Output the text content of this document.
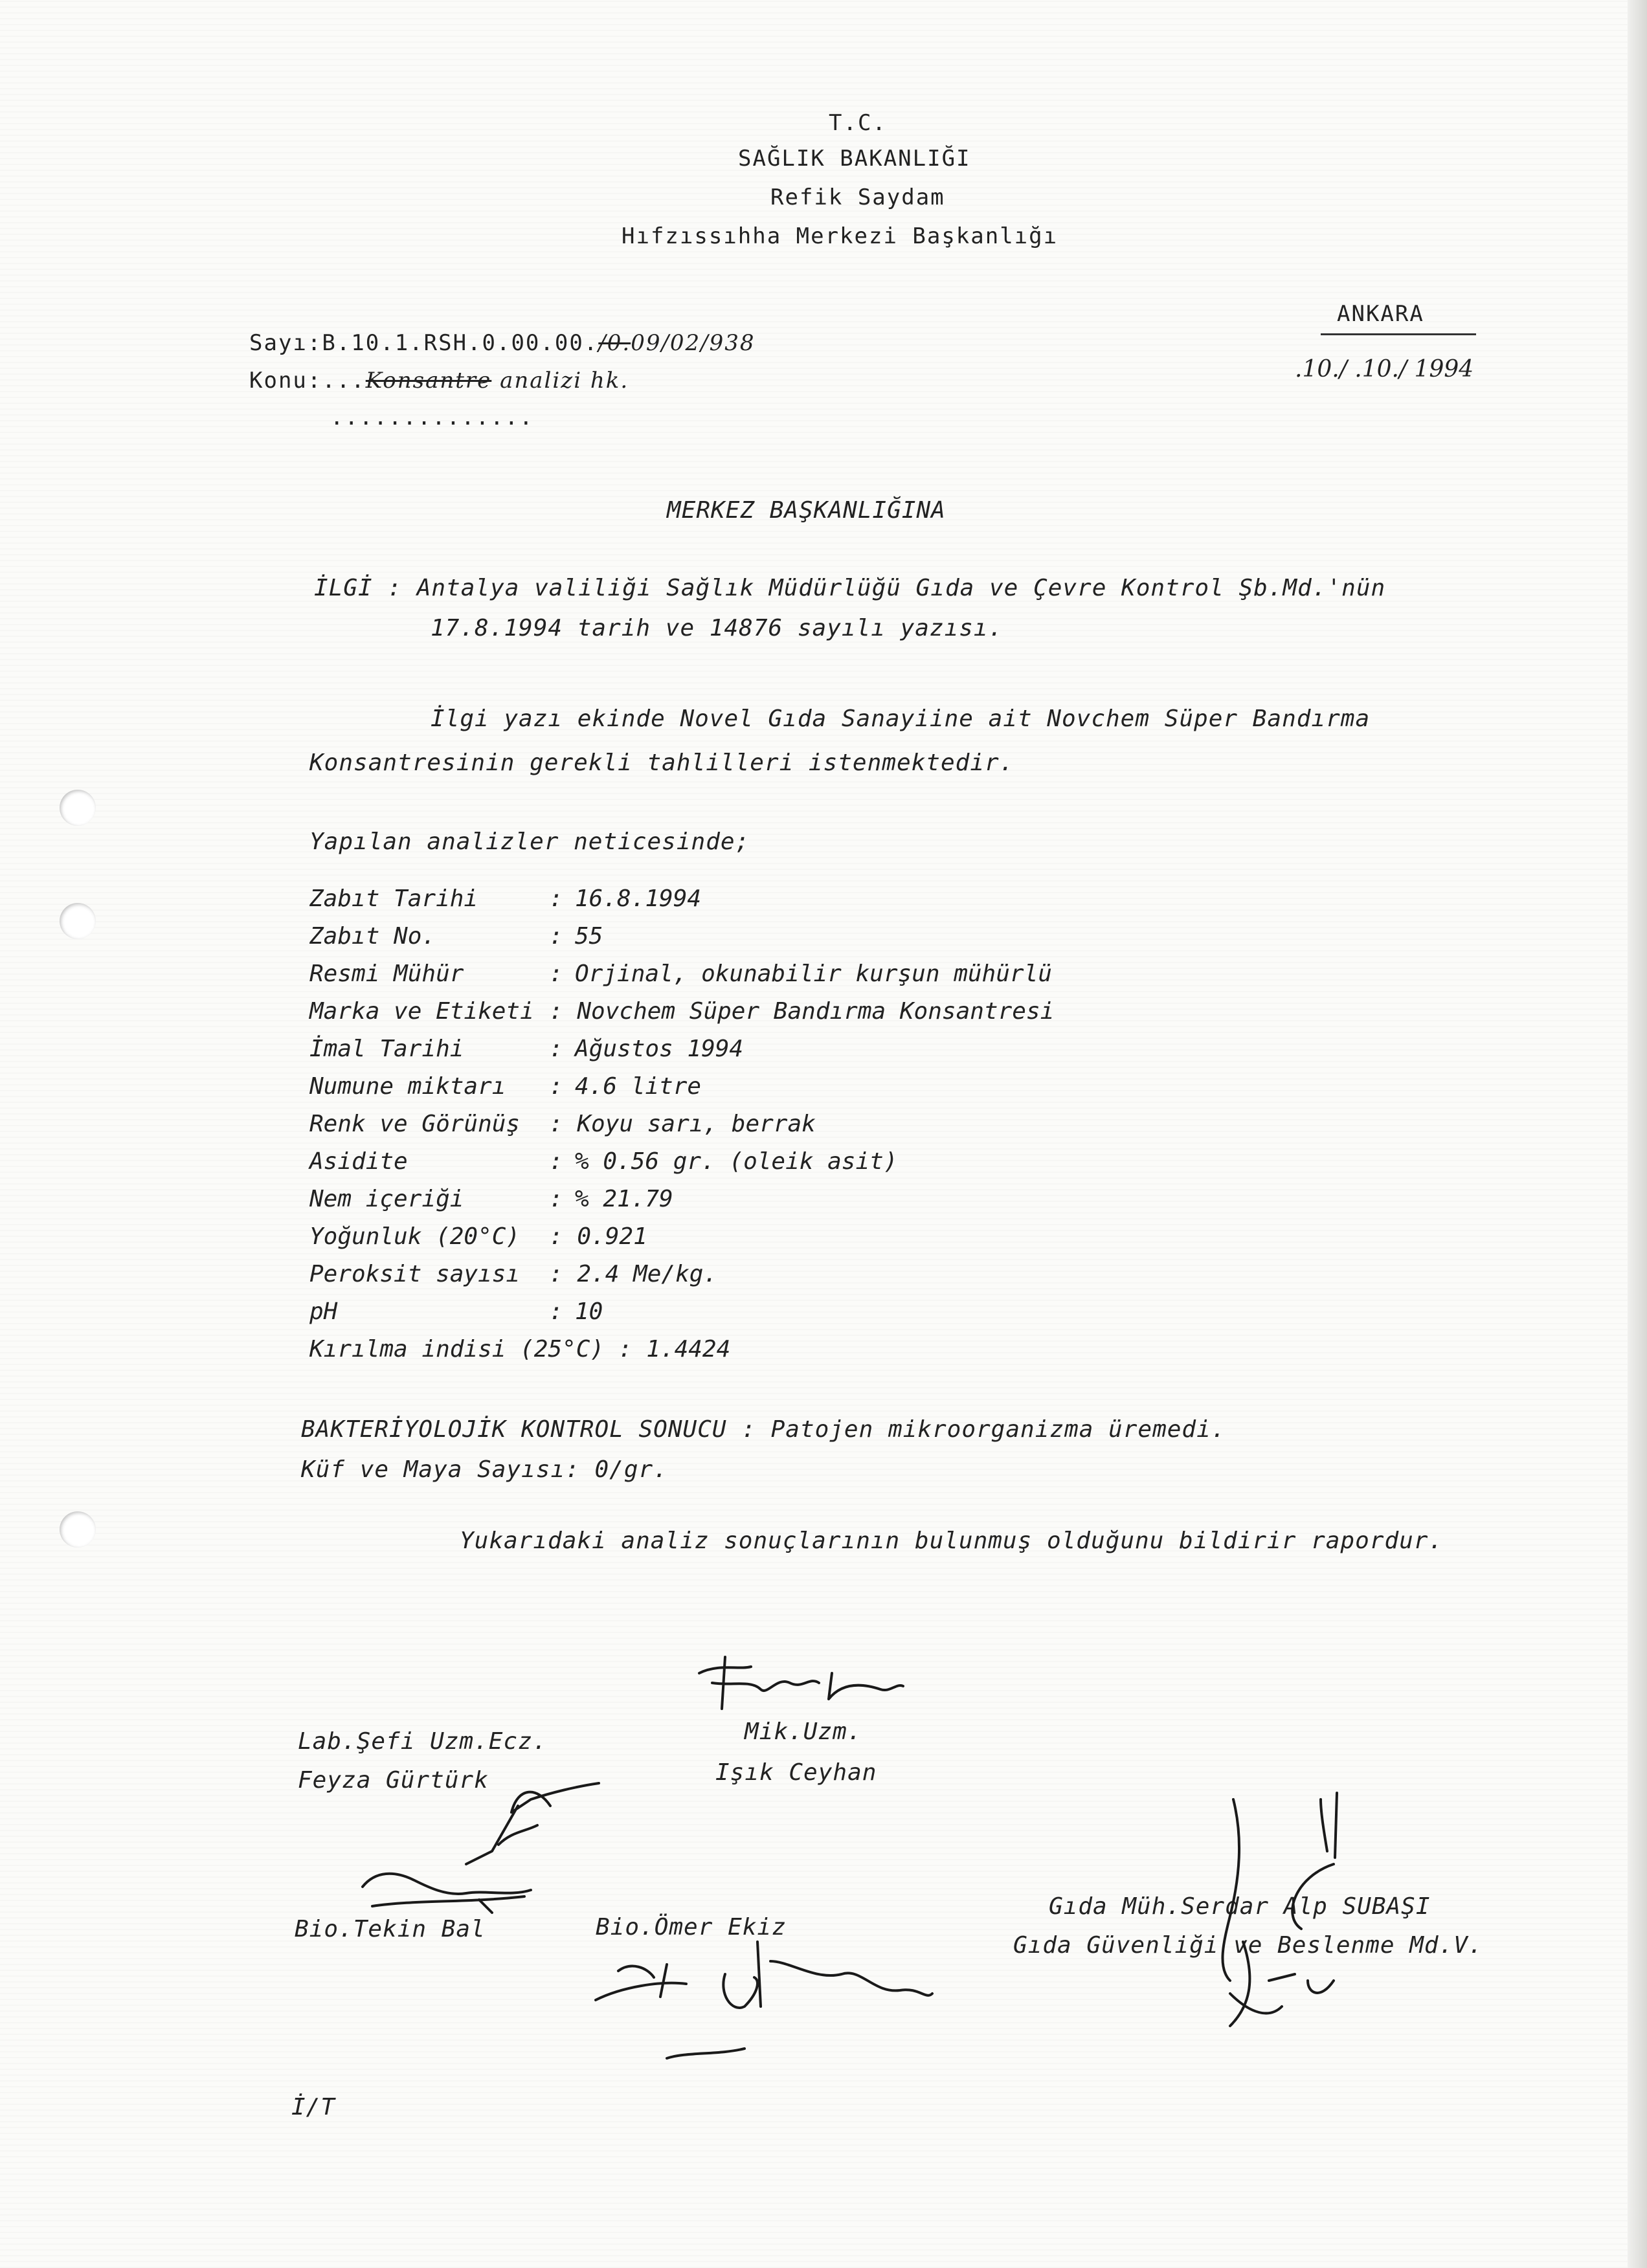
T.C.
SAĞLIK BAKANLIĞI
Refik Saydam
Hıfzıssıhha Merkezi Başkanlığı
Sayı:B.10.1.RSH.0.00.00./0.09/02/938
Konu:...Konsantre analizi hk.
..............
ANKARA
.10./ .10./ 1994
MERKEZ BAŞKANLIĞINA
İLGİ : Antalya valiliği Sağlık Müdürlüğü Gıda ve Çevre Kontrol Şb.Md.'nün
17.8.1994 tarih ve 14876 sayılı yazısı.
İlgi yazı ekinde Novel Gıda Sanayiine ait Novchem Süper Bandırma
Konsantresinin gerekli tahlilleri istenmektedir.
Yapılan analizler neticesinde;
Zabıt Tarihi	: 16.8.1994
Zabıt No.	: 55
Resmi Mühür	: Orjinal, okunabilir kurşun mühürlü
Marka ve Etiketi : Novchem Süper Bandırma Konsantresi
İmal Tarihi	: Ağustos 1994
Numune miktarı : 4.6 litre
Renk ve Görünüş : Koyu sarı, berrak
Asidite	: % 0.56 gr. (oleik asit)
Nem içeriği	: % 21.79
Yoğunluk (20°C) : 0.921
Peroksit sayısı : 2.4 Me/kg.
pH	: 10
Kırılma indisi (25°C) : 1.4424
BAKTERİYOLOJİK KONTROL SONUCU : Patojen mikroorganizma üremedi.
Küf ve Maya Sayısı: 0/gr.
Yukarıdaki analiz sonuçlarının bulunmuş olduğunu bildirir rapordur.
Lab.Şefi Uzm.Ecz.
Feyza Gürtürk
Mik.Uzm.
Işık Ceyhan
Bio.Tekin Bal	Bio.Ömer Ekiz
Gıda Müh.Serdar Alp SUBAŞI
Gıda Güvenliği ve Beslenme Md.V.
İ/T
